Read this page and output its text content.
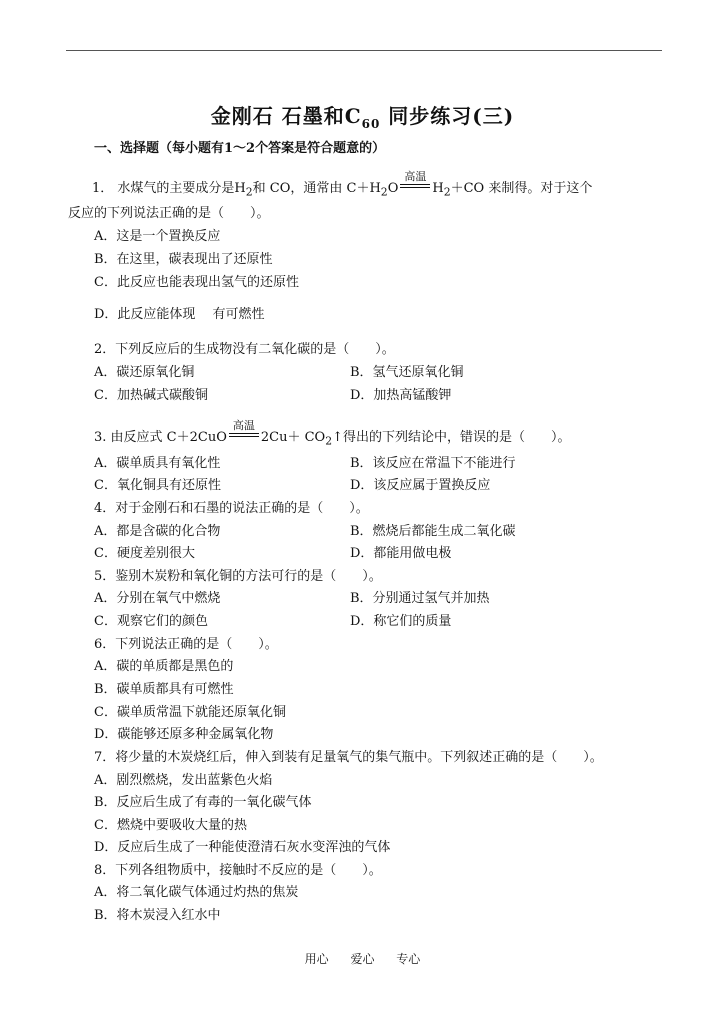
金刚石 石墨和$C_{60}$ 同步练习(三)
一、选择题（每小题有1～2个答案是符合题意的）
1． 水煤气的主要成分是$H_2$和 CO，通常由 $C+H_2O$
高温
$H_2+CO$ 来制得。对于这个
反应的下列说法正确的是（　　）。
A．这是一个置换反应
B．在这里，碳表现出了还原性
C．此反应也能表现出氢气的还原性
D．此反应能体现　 有可燃性
2．下列反应后的生成物没有二氧化碳的是（　　）。
A．碳还原氧化铜	B．氢气还原氧化铜
C．加热碱式碳酸铜	D．加热高锰酸钾
3. 由反应式 C＋2CuO
高温
$2Cu+ CO_2↑$得出的下列结论中，错误的是（　　）。
A．碳单质具有氧化性	B．该反应在常温下不能进行
C．氧化铜具有还原性	D．该反应属于置换反应
4．对于金刚石和石墨的说法正确的是（　　）。
A．都是含碳的化合物	B．燃烧后都能生成二氧化碳
C．硬度差别很大	D．都能用做电极
5．鉴别木炭粉和氧化铜的方法可行的是（　　）。
A．分别在氧气中燃烧	B．分别通过氢气并加热
C．观察它们的颜色	D．称它们的质量
6．下列说法正确的是（　　）。
A．碳的单质都是黑色的
B．碳单质都具有可燃性
C．碳单质常温下就能还原氧化铜
D．碳能够还原多种金属氧化物
7．将少量的木炭烧红后，伸入到装有足量氧气的集气瓶中。下列叙述正确的是（　　）。
A．剧烈燃烧，发出蓝紫色火焰
B．反应后生成了有毒的一氧化碳气体
C．燃烧中要吸收大量的热
D．反应后生成了一种能使澄清石灰水变浑浊的气体
8．下列各组物质中，接触时不反应的是（　　）。
A．将二氧化碳气体通过灼热的焦炭
B．将木炭浸入红水中
用心 爱心 专心
